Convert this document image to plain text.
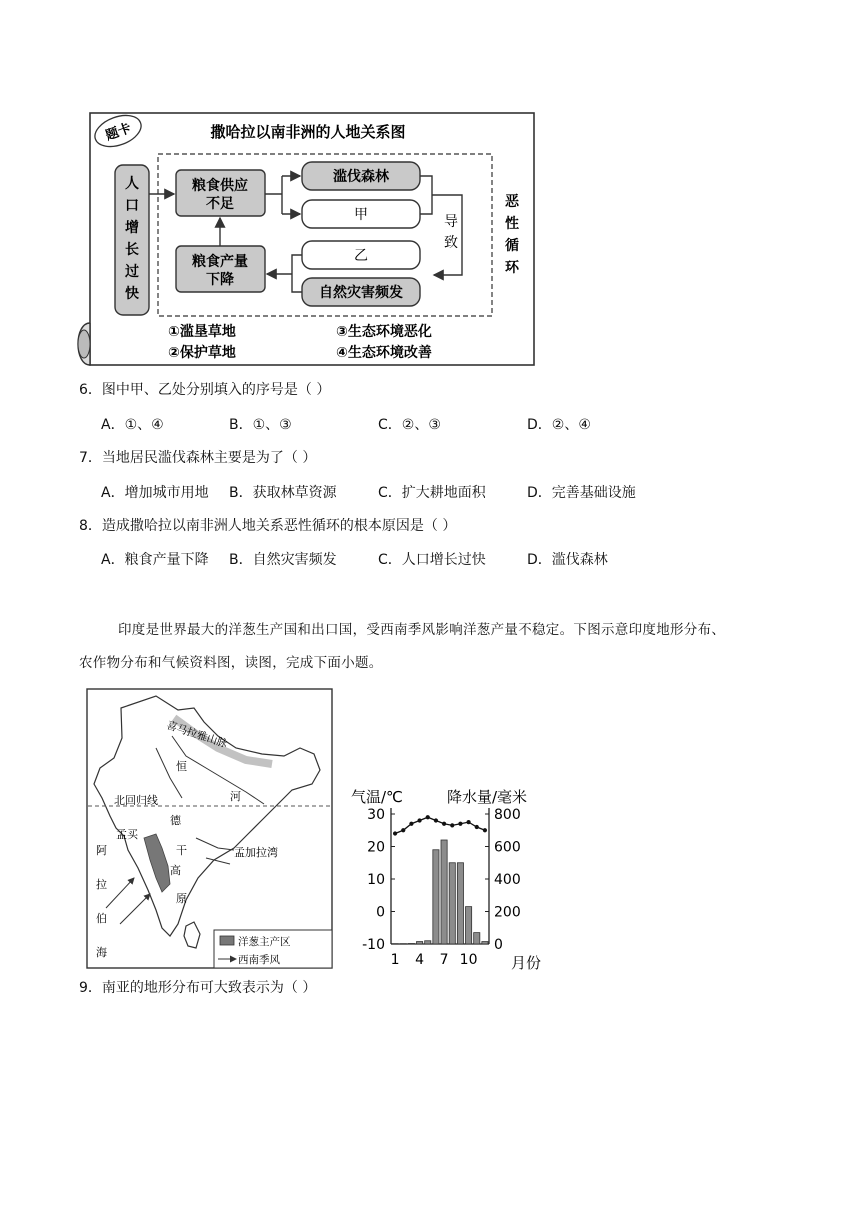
题卡	撒哈拉以南非洲的人地关系图
人口增长过快
粮食供应
不足
粮食产量
下降
滥伐森林
甲
乙
自然灾害频发
导致
恶性循环
①滥垦草地
②保护草地
③生态环境恶化
④生态环境改善
6．图中甲、乙处分别填入的序号是（ ）
A．①、④	B．①、③	C．②、③	D．②、④
7．当地居民滥伐森林主要是为了（ ）
A．增加城市用地 B．获取林草资源	C．扩大耕地面积	D．完善基础设施
8．造成撒哈拉以南非洲人地关系恶性循环的根本原因是（ ）
A．粮食产量下降 B．自然灾害频发	C．人口增长过快	D．滥伐森林
印度是世界最大的洋葱生产国和出口国，受西南季风影响洋葱产量不稳定。下图示意印度地形分布、
农作物分布和气候资料图，读图，完成下面小题。
喜马拉雅山脉
恒
河
北回归线
德
干
高
原
孟买
阿拉伯海
孟加拉湾
洋葱主产区
西南季风
气温/℃	降水量/毫米
30
20
10
0
-10
800
600
400
200
0
1 4 7 10 月份
9．南亚的地形分布可大致表示为（ ）
